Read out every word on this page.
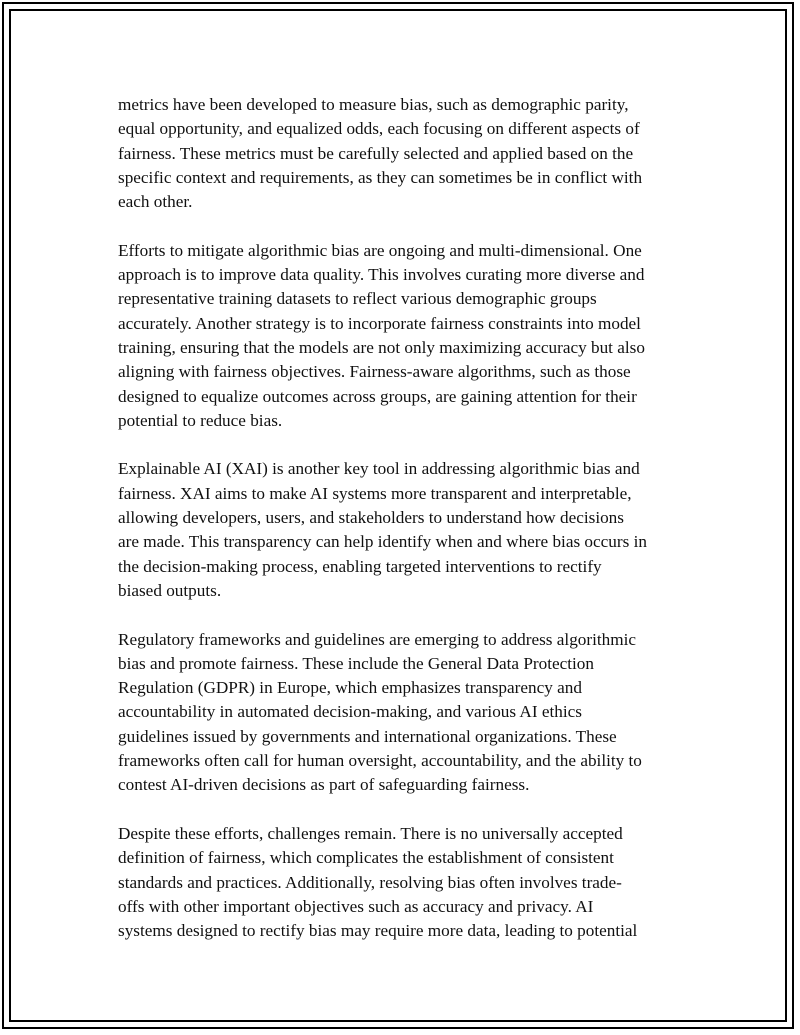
metrics have been developed to measure bias, such as demographic parity,
equal opportunity, and equalized odds, each focusing on different aspects of
fairness. These metrics must be carefully selected and applied based on the
specific context and requirements, as they can sometimes be in conflict with
each other.

Efforts to mitigate algorithmic bias are ongoing and multi-dimensional. One
approach is to improve data quality. This involves curating more diverse and
representative training datasets to reflect various demographic groups
accurately. Another strategy is to incorporate fairness constraints into model
training, ensuring that the models are not only maximizing accuracy but also
aligning with fairness objectives. Fairness-aware algorithms, such as those
designed to equalize outcomes across groups, are gaining attention for their
potential to reduce bias.

Explainable AI (XAI) is another key tool in addressing algorithmic bias and
fairness. XAI aims to make AI systems more transparent and interpretable,
allowing developers, users, and stakeholders to understand how decisions
are made. This transparency can help identify when and where bias occurs in
the decision-making process, enabling targeted interventions to rectify
biased outputs.

Regulatory frameworks and guidelines are emerging to address algorithmic
bias and promote fairness. These include the General Data Protection
Regulation (GDPR) in Europe, which emphasizes transparency and
accountability in automated decision-making, and various AI ethics
guidelines issued by governments and international organizations. These
frameworks often call for human oversight, accountability, and the ability to
contest AI-driven decisions as part of safeguarding fairness.

Despite these efforts, challenges remain. There is no universally accepted
definition of fairness, which complicates the establishment of consistent
standards and practices. Additionally, resolving bias often involves trade-
offs with other important objectives such as accuracy and privacy. AI
systems designed to rectify bias may require more data, leading to potential
